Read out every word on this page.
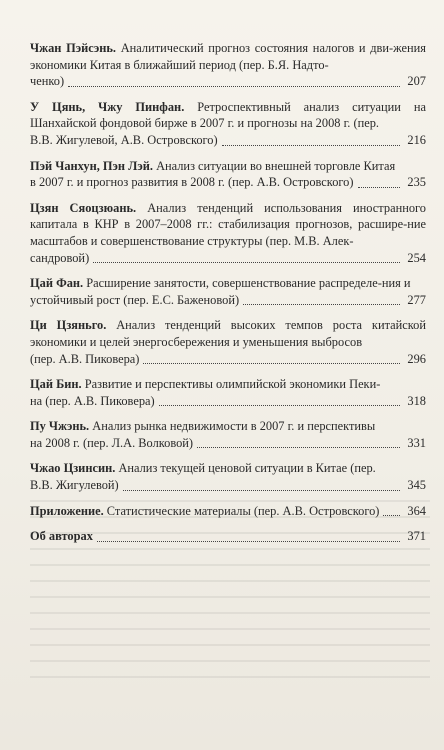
Чжан Пэйсэнь. Аналитический прогноз состояния налогов и дви-жения экономики Китая в ближайший период (пер. Б.Я. Надто-
ченко)	207
У Цянь, Чжу Пинфан. Ретроспективный анализ ситуации на Шанхайской фондовой бирже в 2007 г. и прогнозы на 2008 г. (пер.
В.В. Жигулевой, А.В. Островского)	216
Пэй Чанхун, Пэн Лэй. Анализ ситуации во внешней торговле Китая
в 2007 г. и прогноз развития в 2008 г. (пер. А.В. Островского)	235
Цзян Сяоцзюань. Анализ тенденций использования иностранного капитала в КНР в 2007–2008 гг.: стабилизация прогнозов, расшире-ние масштабов и совершенствование структуры (пер. М.В. Алек-
сандровой)	254
Цай Фан. Расширение занятости, совершенствование распределе-ния и
устойчивый рост (пер. Е.С. Баженовой)	277
Ци Цзяньго. Анализ тенденций высоких темпов роста китайской экономики и целей энергосбережения и уменьшения выбросов
(пер. А.В. Пиковера)	296
Цай Бин. Развитие и перспективы олимпийской экономики Пеки-
на (пер. А.В. Пиковера)	318
Пу Чжэнь. Анализ рынка недвижимости в 2007 г. и перспективы
на 2008 г. (пер. Л.А. Волковой)	331
Чжао Цзинсин. Анализ текущей ценовой ситуации в Китае (пер.
В.В. Жигулевой)	345
Приложение. Статистические материалы (пер. А.В. Островского) 364
Об авторах	371
